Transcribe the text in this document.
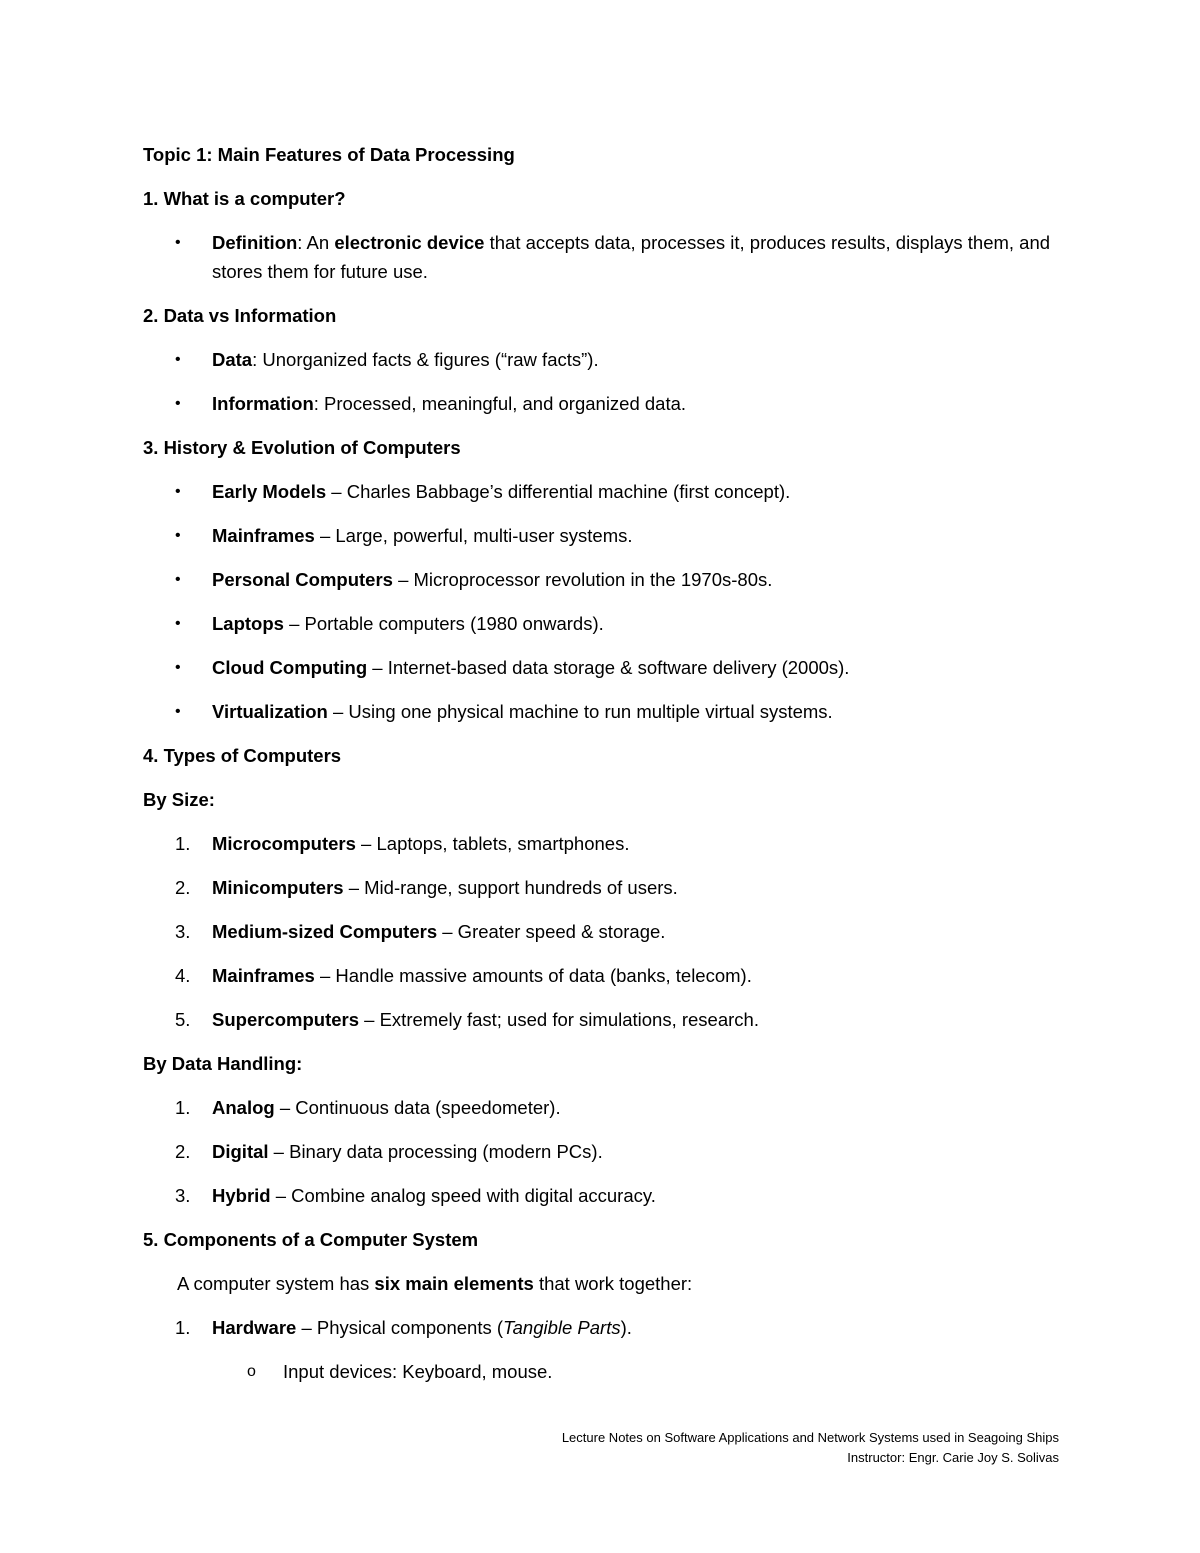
Topic 1: Main Features of Data Processing

1. What is a computer?

• Definition: An electronic device that accepts data, processes it, produces results, displays them, and stores them for future use.

2. Data vs Information

• Data: Unorganized facts & figures (“raw facts”).
• Information: Processed, meaningful, and organized data.

3. History & Evolution of Computers

• Early Models – Charles Babbage’s differential machine (first concept).
• Mainframes – Large, powerful, multi-user systems.
• Personal Computers – Microprocessor revolution in the 1970s-80s.
• Laptops – Portable computers (1980 onwards).
• Cloud Computing – Internet-based data storage & software delivery (2000s).
• Virtualization – Using one physical machine to run multiple virtual systems.

4. Types of Computers

By Size:

1. Microcomputers – Laptops, tablets, smartphones.
2. Minicomputers – Mid-range, support hundreds of users.
3. Medium-sized Computers – Greater speed & storage.
4. Mainframes – Handle massive amounts of data (banks, telecom).
5. Supercomputers – Extremely fast; used for simulations, research.

By Data Handling:

1. Analog – Continuous data (speedometer).
2. Digital – Binary data processing (modern PCs).
3. Hybrid – Combine analog speed with digital accuracy.

5. Components of a Computer System

A computer system has six main elements that work together:

1. Hardware – Physical components (Tangible Parts).
o Input devices: Keyboard, mouse.
Lecture Notes on Software Applications and Network Systems used in Seagoing Ships
Instructor: Engr. Carie Joy S. Solivas
